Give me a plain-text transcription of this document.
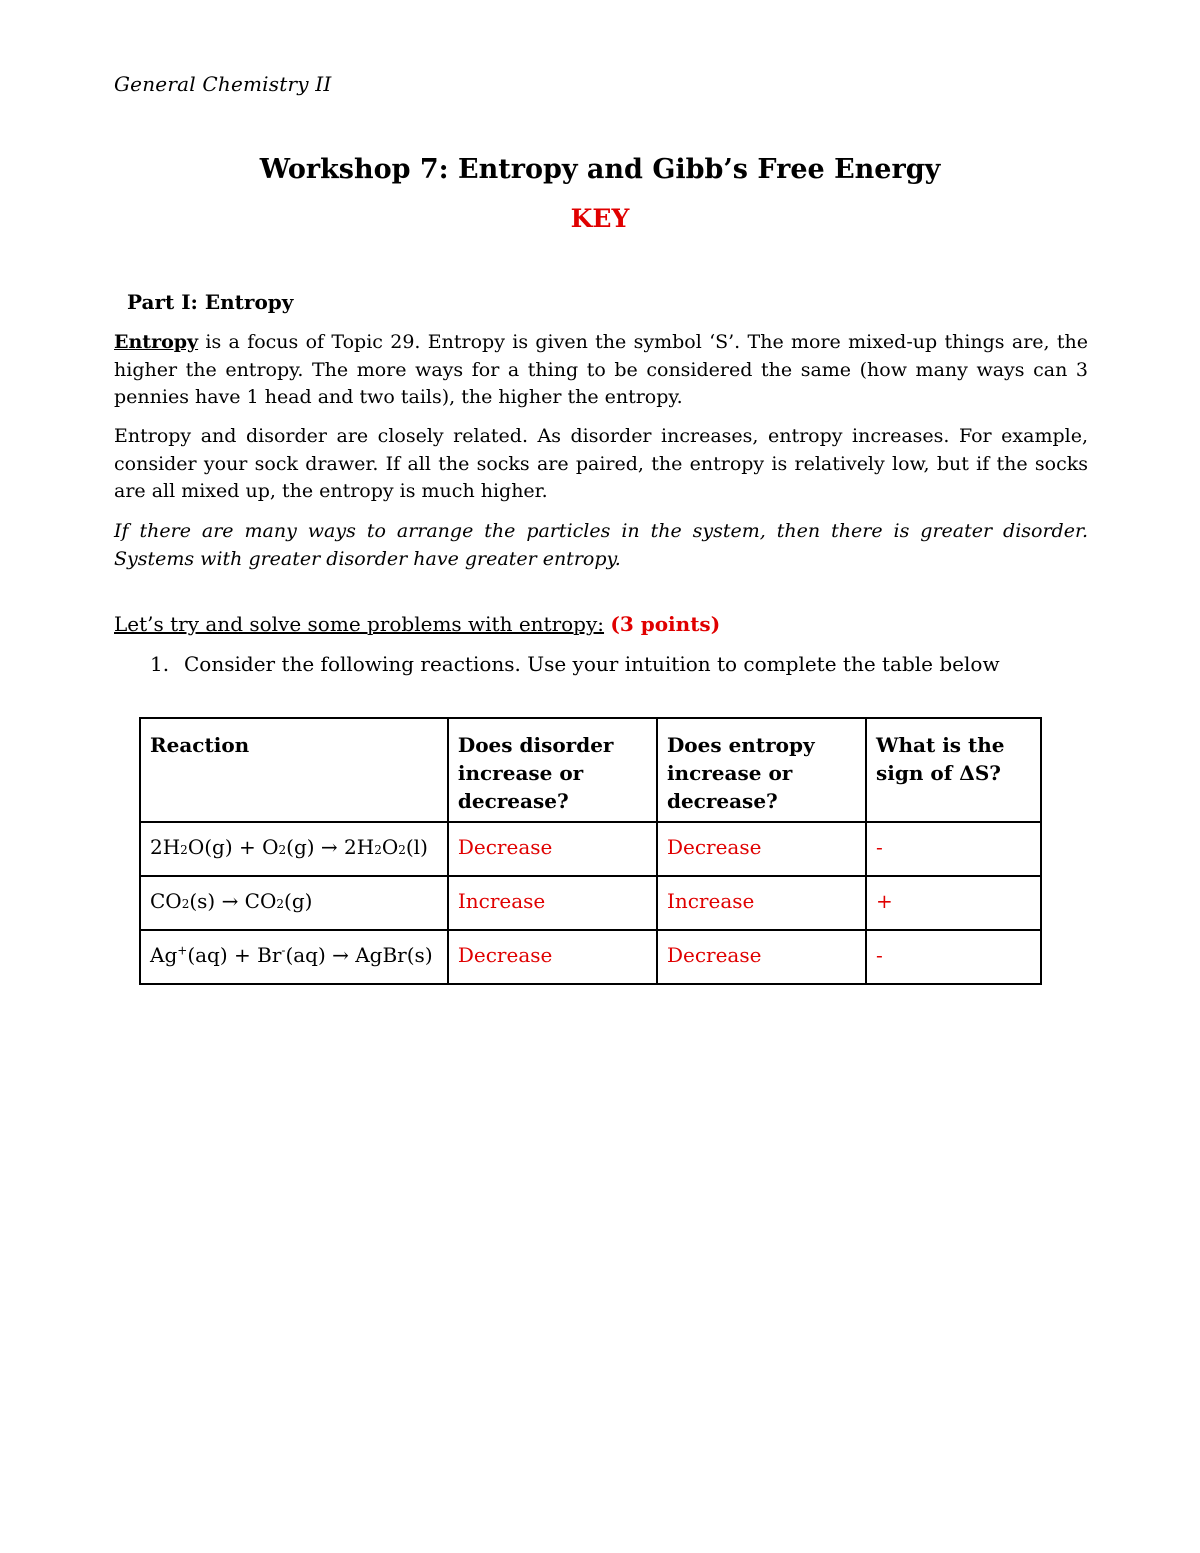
General Chemistry II
Workshop 7: Entropy and Gibb’s Free Energy
KEY
Part I: Entropy
Entropy is a focus of Topic 29. Entropy is given the symbol ‘S’. The more mixed-up things are, the higher the entropy. The more ways for a thing to be considered the same (how many ways can 3 pennies have 1 head and two tails), the higher the entropy.
Entropy and disorder are closely related. As disorder increases, entropy increases. For example, consider your sock drawer. If all the socks are paired, the entropy is relatively low, but if the socks are all mixed up, the entropy is much higher.
If there are many ways to arrange the particles in the system, then there is greater disorder. Systems with greater disorder have greater entropy.
Let’s try and solve some problems with entropy: (3 points)
1. Consider the following reactions. Use your intuition to complete the table below
Reaction	Does disorder increase or decrease?	Does entropy increase or decrease?	What is the sign of ΔS?
2H2O(g) + O2(g) → 2H2O2(l)	Decrease	Decrease	-
CO2(s) → CO2(g)	Increase	Increase	+
Ag+(aq) + Br-(aq) → AgBr(s)	Decrease	Decrease	-
